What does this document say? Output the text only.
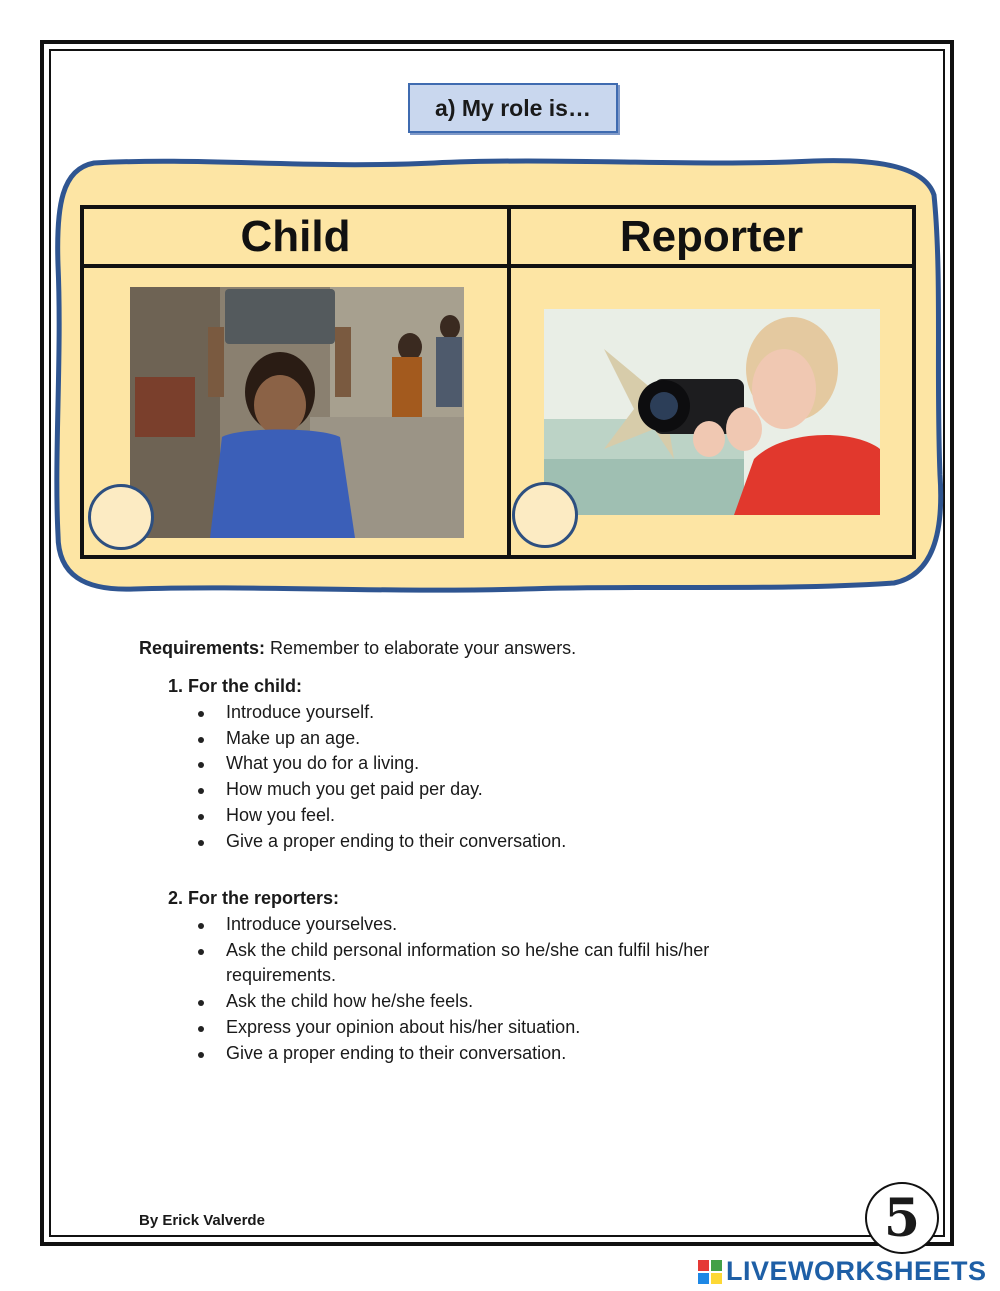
a) My role is…
Child	Reporter
Requirements: Remember to elaborate your answers.
1. For the child:
Introduce yourself.
Make up an age.
What you do for a living.
How much you get paid per day.
How you feel.
Give a proper ending to their conversation.
2. For the reporters:
Introduce yourselves.
Ask the child personal information so he/she can fulfil his/her requirements.
Ask the child how he/she feels.
Express your opinion about his/her situation.
Give a proper ending to their conversation.
By Erick Valverde	5
LIVEWORKSHEETS
